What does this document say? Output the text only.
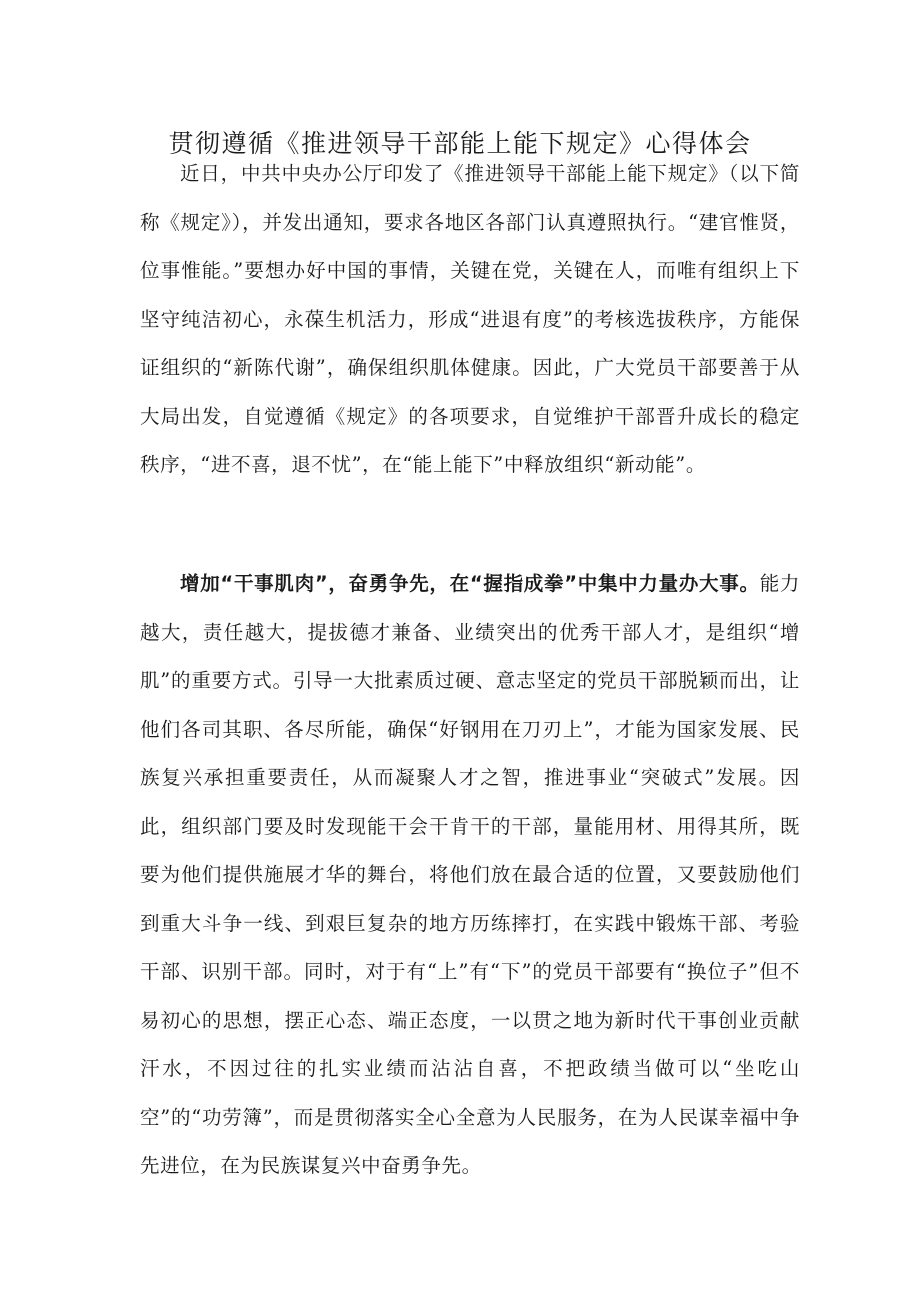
贯彻遵循《推进领导干部能上能下规定》心得体会

近日，中共中央办公厅印发了《推进领导干部能上能下规定》（以下简称《规定》），并发出通知，要求各地区各部门认真遵照执行。“建官惟贤，位事惟能。”要想办好中国的事情，关键在党，关键在人，而唯有组织上下坚守纯洁初心，永葆生机活力，形成“进退有度”的考核选拔秩序，方能保证组织的“新陈代谢”，确保组织肌体健康。因此，广大党员干部要善于从大局出发，自觉遵循《规定》的各项要求，自觉维护干部晋升成长的稳定秩序，“进不喜，退不忧”，在“能上能下”中释放组织“新动能”。

增加“干事肌肉”，奋勇争先，在“握指成拳”中集中力量办大事。能力越大，责任越大，提拔德才兼备、业绩突出的优秀干部人才，是组织“增肌”的重要方式。引导一大批素质过硬、意志坚定的党员干部脱颖而出，让他们各司其职、各尽所能，确保“好钢用在刀刃上”，才能为国家发展、民族复兴承担重要责任，从而凝聚人才之智，推进事业“突破式”发展。因此，组织部门要及时发现能干会干肯干的干部，量能用材、用得其所，既要为他们提供施展才华的舞台，将他们放在最合适的位置，又要鼓励他们到重大斗争一线、到艰巨复杂的地方历练摔打，在实践中锻炼干部、考验干部、识别干部。同时，对于有“上”有“下”的党员干部要有“换位子”但不易初心的思想，摆正心态、端正态度，一以贯之地为新时代干事创业贡献汗水，不因过往的扎实业绩而沾沾自喜，不把政绩当做可以“坐吃山空”的“功劳簿”，而是贯彻落实全心全意为人民服务，在为人民谋幸福中争先进位，在为民族谋复兴中奋勇争先。
